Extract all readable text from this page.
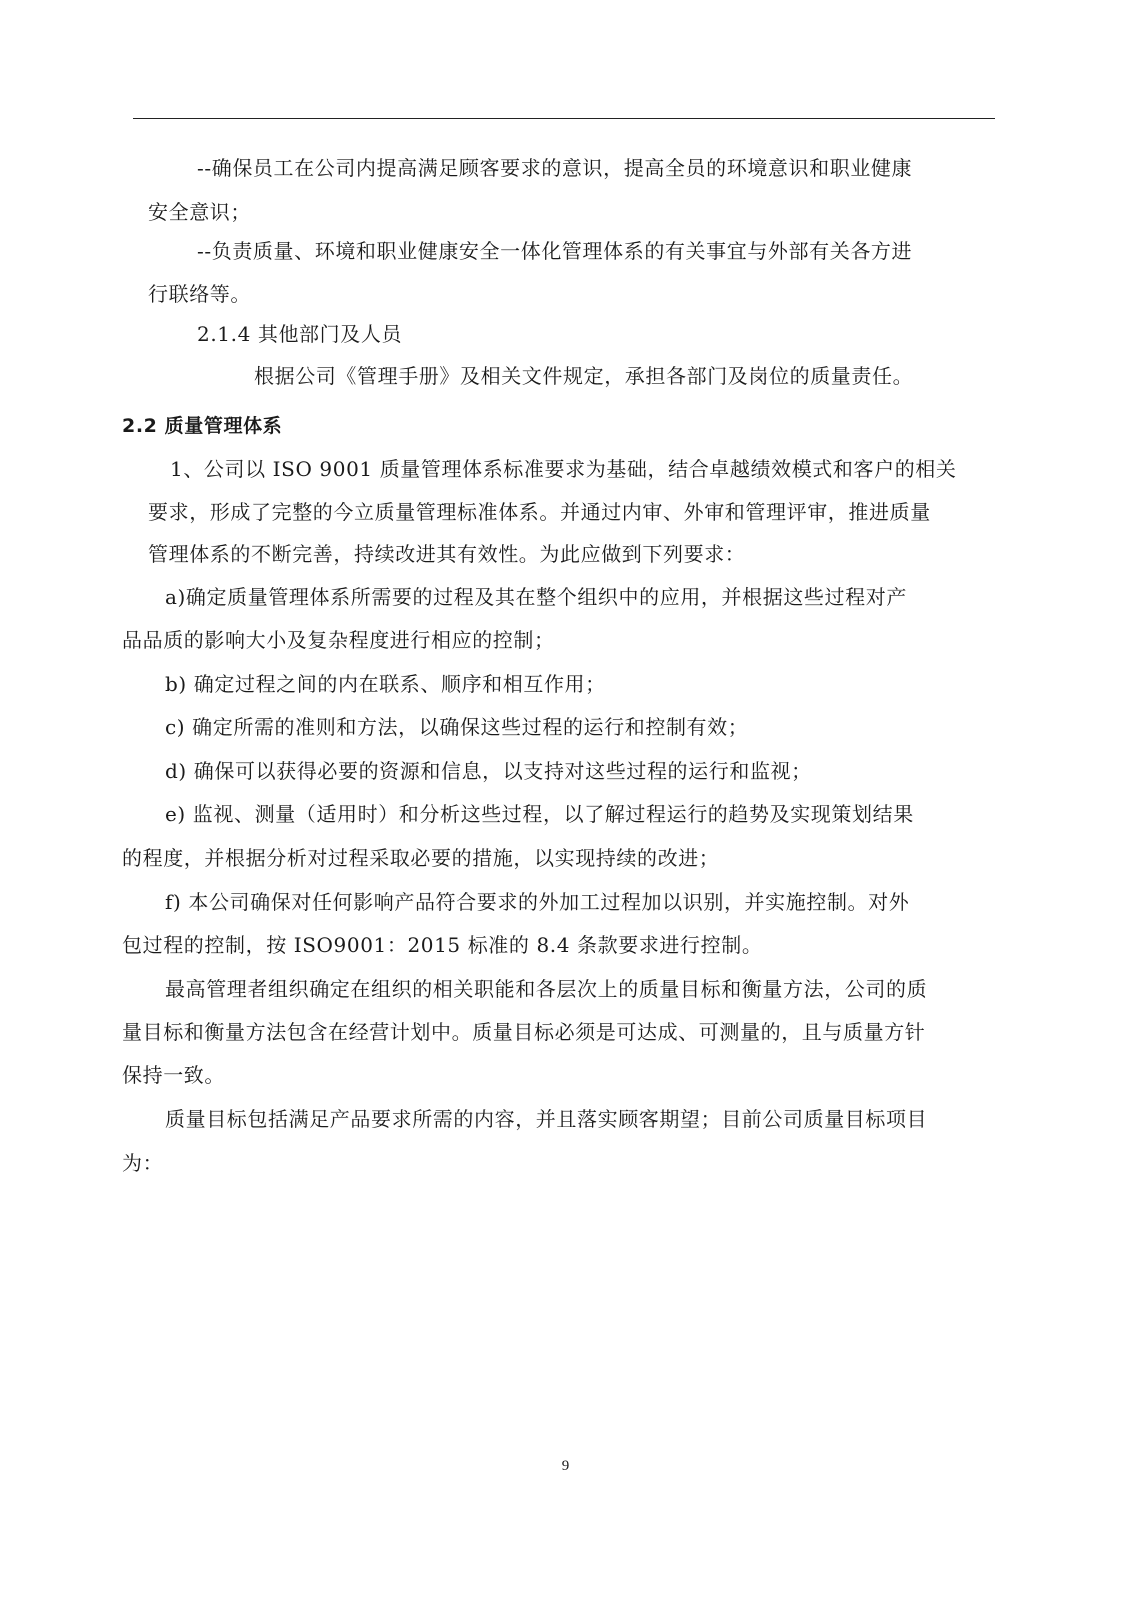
--确保员工在公司内提高满足顾客要求的意识，提高全员的环境意识和职业健康
安全意识；
--负责质量、环境和职业健康安全一体化管理体系的有关事宜与外部有关各方进
行联络等。
2.1.4 其他部门及人员
根据公司《管理手册》及相关文件规定，承担各部门及岗位的质量责任。
2.2 质量管理体系
1、公司以 ISO 9001 质量管理体系标准要求为基础，结合卓越绩效模式和客户的相关
要求，形成了完整的今立质量管理标准体系。并通过内审、外审和管理评审，推进质量
管理体系的不断完善，持续改进其有效性。为此应做到下列要求：
a)确定质量管理体系所需要的过程及其在整个组织中的应用，并根据这些过程对产
品品质的影响大小及复杂程度进行相应的控制；
b) 确定过程之间的内在联系、顺序和相互作用；
c) 确定所需的准则和方法，以确保这些过程的运行和控制有效；
d) 确保可以获得必要的资源和信息，以支持对这些过程的运行和监视；
e) 监视、测量（适用时）和分析这些过程，以了解过程运行的趋势及实现策划结果
的程度，并根据分析对过程采取必要的措施，以实现持续的改进；
f) 本公司确保对任何影响产品符合要求的外加工过程加以识别，并实施控制。对外
包过程的控制，按 ISO9001：2015 标准的 8.4 条款要求进行控制。
最高管理者组织确定在组织的相关职能和各层次上的质量目标和衡量方法，公司的质
量目标和衡量方法包含在经营计划中。质量目标必须是可达成、可测量的，且与质量方针
保持一致。
质量目标包括满足产品要求所需的内容，并且落实顾客期望；目前公司质量目标项目
为：
9
